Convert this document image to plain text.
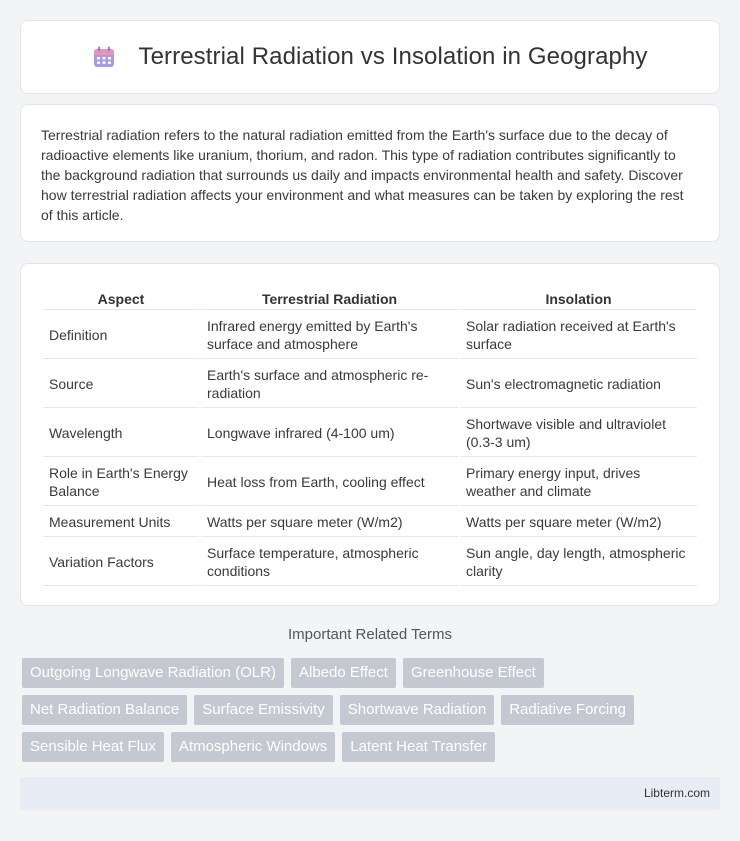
Terrestrial Radiation vs Insolation in Geography

Terrestrial radiation refers to the natural radiation emitted from the Earth's surface due to the decay of radioactive elements like uranium, thorium, and radon. This type of radiation contributes significantly to the background radiation that surrounds us daily and impacts environmental health and safety. Discover how terrestrial radiation affects your environment and what measures can be taken by exploring the rest of this article.

Aspect	Terrestrial Radiation	Insolation
Definition	Infrared energy emitted by Earth's surface and atmosphere	Solar radiation received at Earth's surface
Source	Earth's surface and atmospheric re-radiation	Sun's electromagnetic radiation
Wavelength	Longwave infrared (4-100 um)	Shortwave visible and ultraviolet (0.3-3 um)
Role in Earth's Energy Balance	Heat loss from Earth, cooling effect	Primary energy input, drives weather and climate
Measurement Units	Watts per square meter (W/m2)	Watts per square meter (W/m2)
Variation Factors	Surface temperature, atmospheric conditions	Sun angle, day length, atmospheric clarity
Important Related Terms
Outgoing Longwave Radiation (OLR)	Albedo Effect	Greenhouse Effect
Net Radiation Balance	Surface Emissivity	Shortwave Radiation	Radiative Forcing
Sensible Heat Flux	Atmospheric Windows	Latent Heat Transfer
Libterm.com
